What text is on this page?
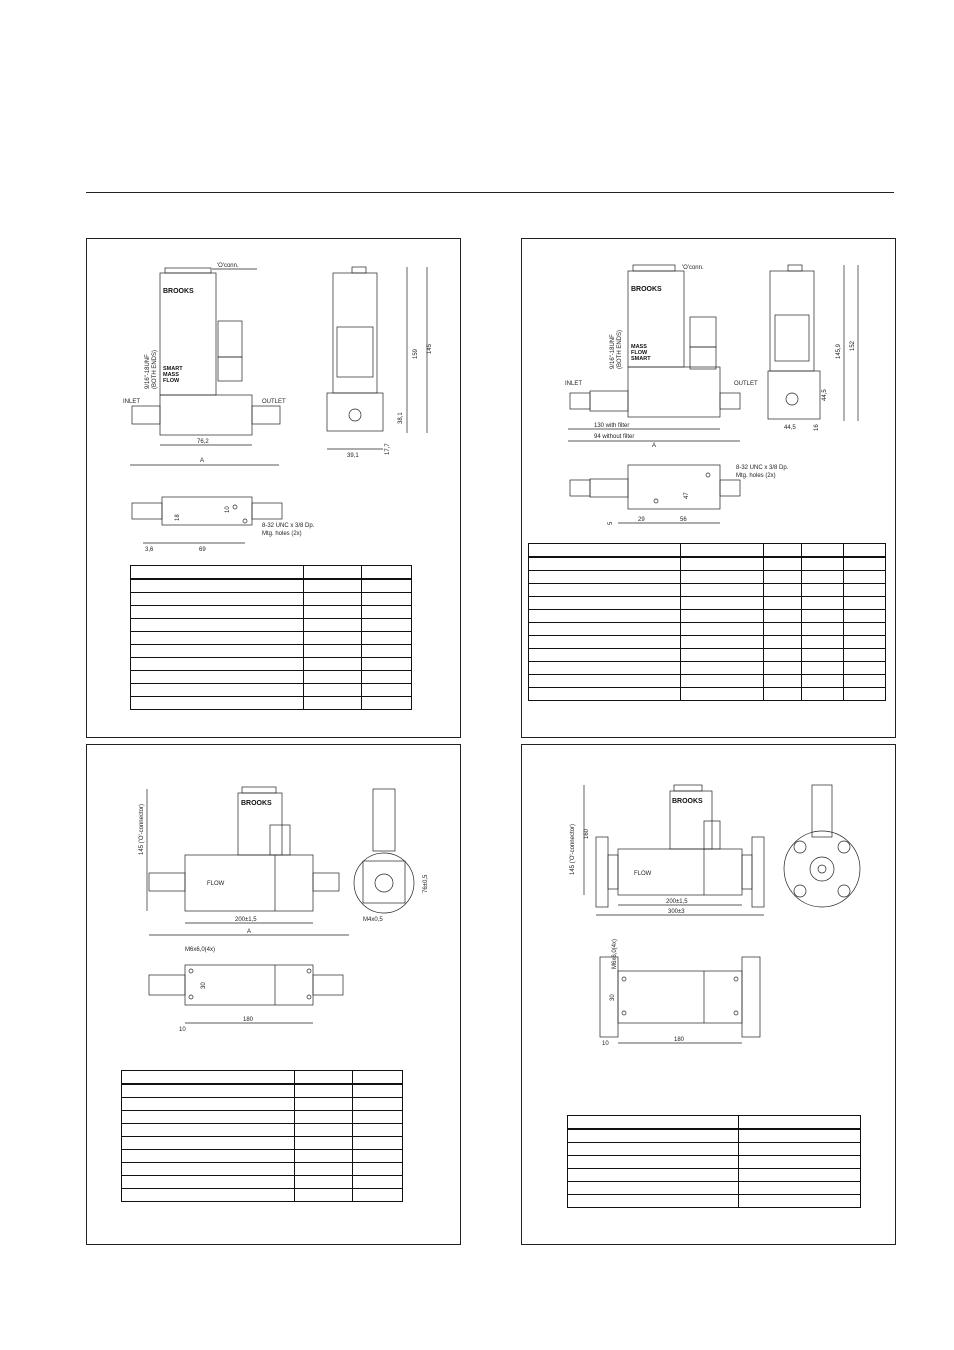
'O'conn.
BROOKS
SMART
MASS
FLOW
INLET	OUTLET
9/16"-18UNF (BOTH ENDS)
76,2
A
159 145
38,1
17,7
39,1
18
10
3,6	69
8-32 UNC x 3/8 Dp.
Mtg. holes (2x)

'O'conn.
BROOKS
MASS
FLOW
SMART
INLET	OUTLET
9/16"-18UNF (BOTH ENDS)
130 with filter
94 without filter
A
145,9 152
44,5
44,5	16
47
8-32 UNC x 3/8 Dp.
Mtg. holes (2x)
29	56
5

BROOKS
FLOW
145 ('O'-connector)
200±1,5
A
M4x0,5
76±0,5
M6x6,0(4x)
30
180
10

BROOKS
FLOW
145 ('O'-connector) 160
200±1,5
300±3
M6x6,0(4x)
30
180
10
